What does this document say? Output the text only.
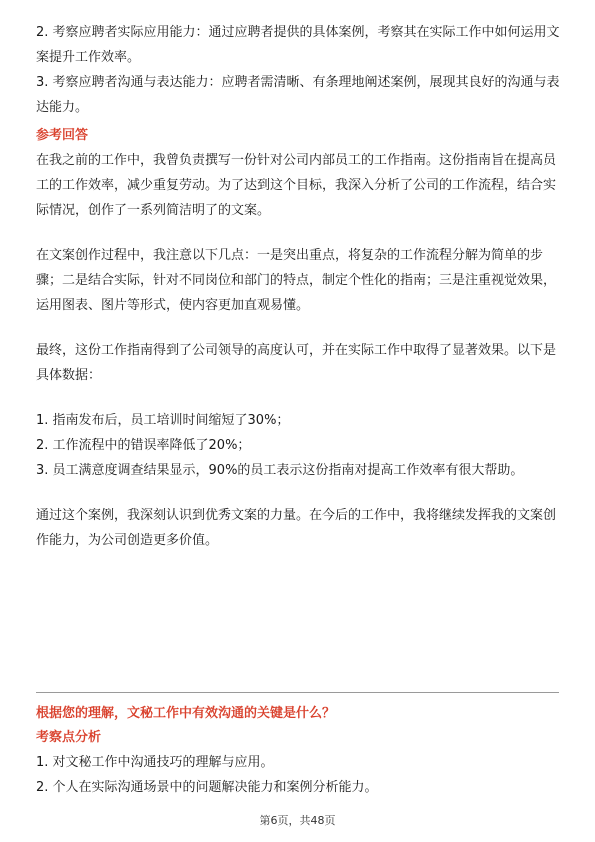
2. 考察应聘者实际应用能力：通过应聘者提供的具体案例，考察其在实际工作中如何运用文案提升工作效率。

3. 考察应聘者沟通与表达能力：应聘者需清晰、有条理地阐述案例，展现其良好的沟通与表达能力。

参考回答

在我之前的工作中，我曾负责撰写一份针对公司内部员工的工作指南。这份指南旨在提高员工的工作效率，减少重复劳动。为了达到这个目标，我深入分析了公司的工作流程，结合实际情况，创作了一系列简洁明了的文案。

在文案创作过程中，我注意以下几点：一是突出重点，将复杂的工作流程分解为简单的步骤；二是结合实际，针对不同岗位和部门的特点，制定个性化的指南；三是注重视觉效果，运用图表、图片等形式，使内容更加直观易懂。

最终，这份工作指南得到了公司领导的高度认可，并在实际工作中取得了显著效果。以下是具体数据：

1. 指南发布后，员工培训时间缩短了30%；

2. 工作流程中的错误率降低了20%；

3. 员工满意度调查结果显示，90%的员工表示这份指南对提高工作效率有很大帮助。

通过这个案例，我深刻认识到优秀文案的力量。在今后的工作中，我将继续发挥我的文案创作能力，为公司创造更多价值。

根据您的理解，文秘工作中有效沟通的关键是什么？

考察点分析

1. 对文秘工作中沟通技巧的理解与应用。

2. 个人在实际沟通场景中的问题解决能力和案例分析能力。

第6页，共48页
